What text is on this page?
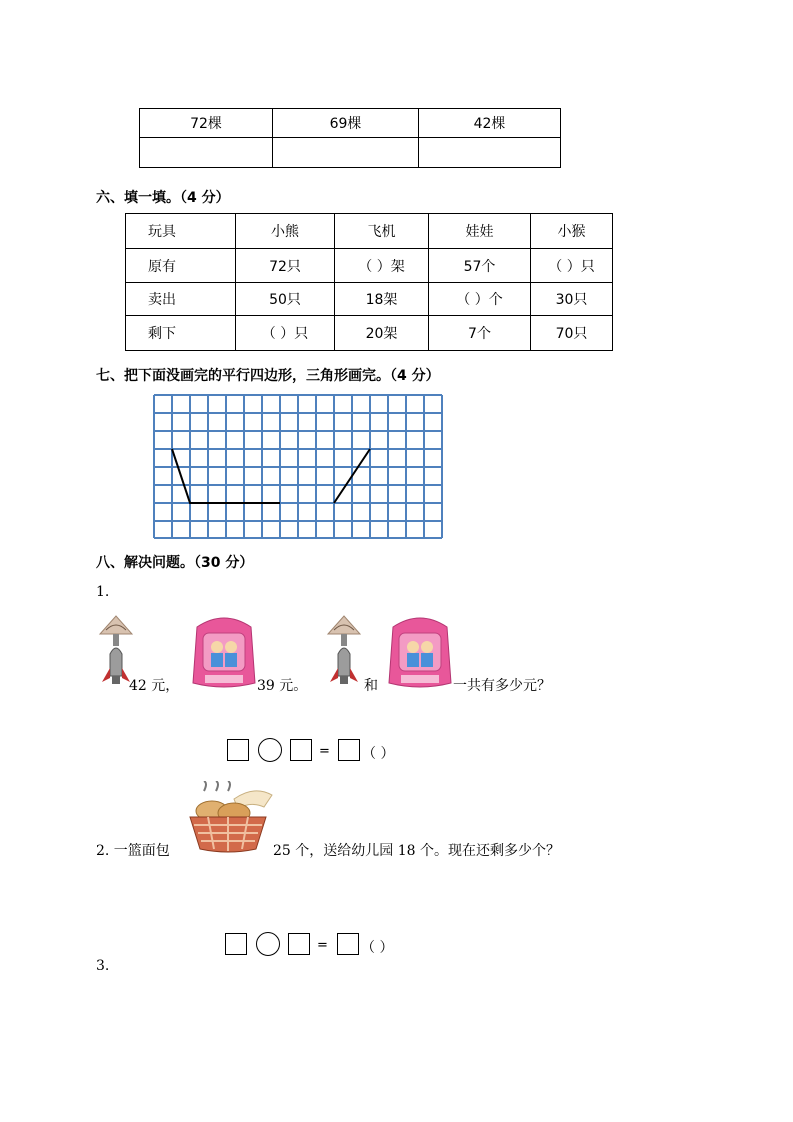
72棵	69棵	42棵

六、填一填。（4 分）
玩具	小熊	飞机	娃娃	小猴
原有	72只	（ ）架	57个	（ ）只
卖出	50只	18架	（ ）个	30只
剩下	（ ）只	20架	7个	70只
七、把下面没画完的平行四边形，三角形画完。（4 分）
八、解决问题。（30 分）
1.
42 元，	39 元。	和	一共有多少元？
= （ ）
2. 一篮面包	25 个，送给幼儿园 18 个。现在还剩多少个？
= （ ）
3.
